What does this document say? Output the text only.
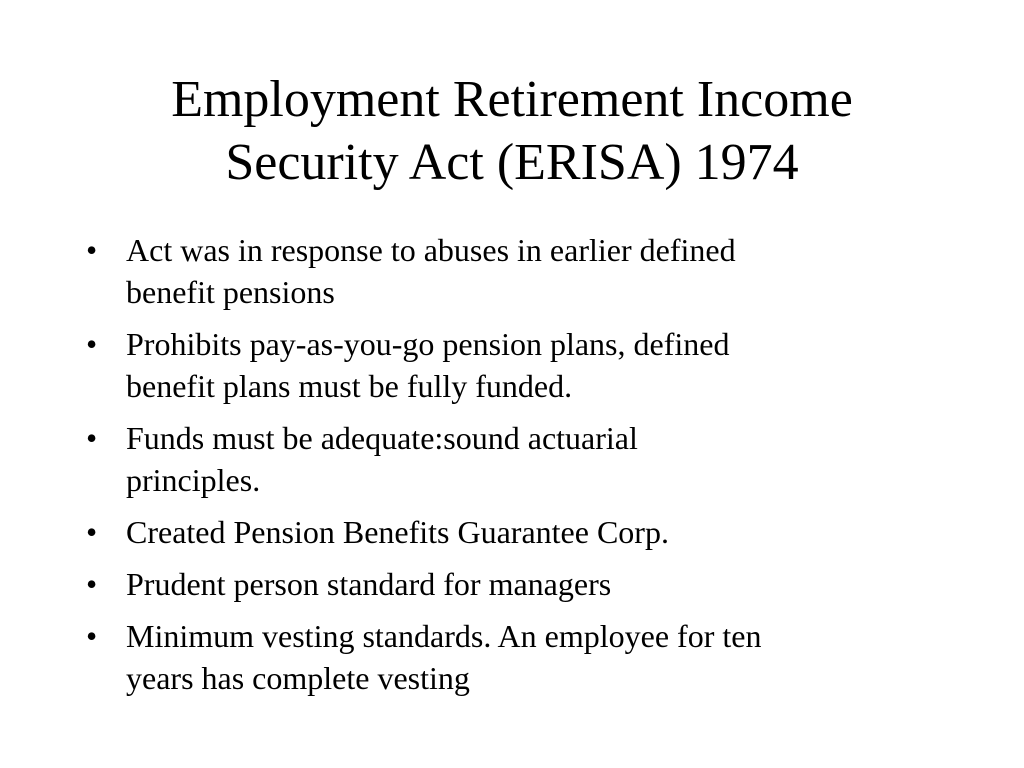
Employment Retirement Income
Security Act (ERISA) 1974
• Act was in response to abuses in earlier defined
benefit pensions
• Prohibits pay-as-you-go pension plans, defined
benefit plans must be fully funded.
• Funds must be adequate:sound actuarial
principles.
• Created Pension Benefits Guarantee Corp.
• Prudent person standard for managers
• Minimum vesting standards. An employee for ten
years has complete vesting
